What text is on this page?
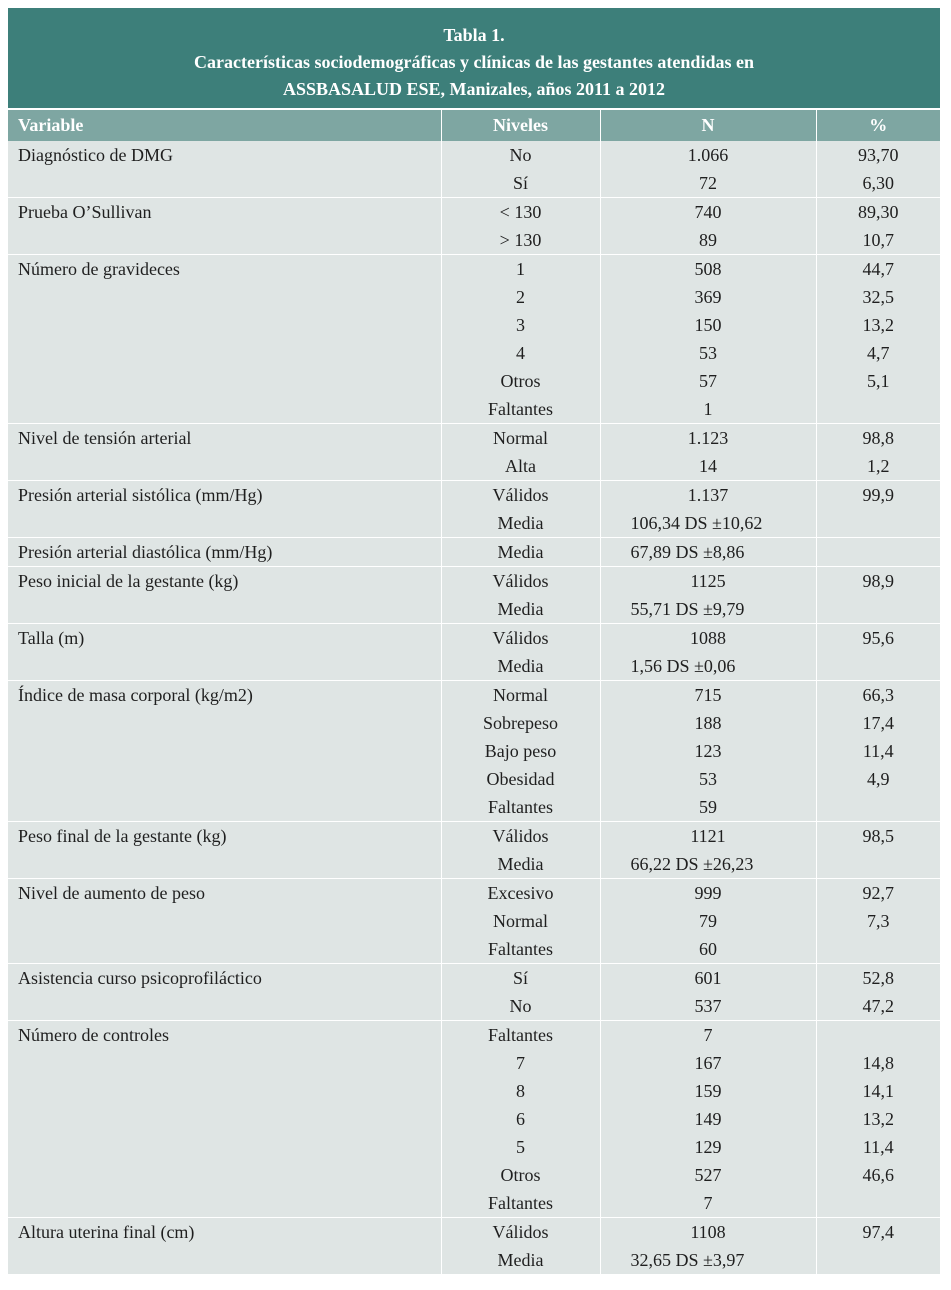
Tabla 1.
Características sociodemográficas y clínicas de las gestantes atendidas en
ASSBASALUD ESE, Manizales, años 2011 a 2012
Variable	Niveles	N	%
Diagnóstico de DMG	No	1.066	93,70
	Sí	72	6,30
Prueba O’Sullivan	< 130	740	89,30
	> 130	89	10,7
Número de gravideces	1	508	44,7
	2	369	32,5
	3	150	13,2
	4	53	4,7
	Otros	57	5,1
	Faltantes	1	
Nivel de tensión arterial	Normal	1.123	98,8
	Alta	14	1,2
Presión arterial sistólica (mm/Hg)	Válidos	1.137	99,9
	Media	106,34 DS ±10,62	
Presión arterial diastólica (mm/Hg)	Media	67,89 DS ±8,86	
Peso inicial de la gestante (kg)	Válidos	1125	98,9
	Media	55,71 DS ±9,79	
Talla (m)	Válidos	1088	95,6
	Media	1,56 DS ±0,06	
Índice de masa corporal (kg/m2)	Normal	715	66,3
	Sobrepeso	188	17,4
	Bajo peso	123	11,4
	Obesidad	53	4,9
	Faltantes	59	
Peso final de la gestante (kg)	Válidos	1121	98,5
	Media	66,22 DS ±26,23	
Nivel de aumento de peso	Excesivo	999	92,7
	Normal	79	7,3
	Faltantes	60	
Asistencia curso psicoprofiláctico	Sí	601	52,8
	No	537	47,2
Número de controles	Faltantes	7	
	7	167	14,8
	8	159	14,1
	6	149	13,2
	5	129	11,4
	Otros	527	46,6
	Faltantes	7	
Altura uterina final (cm)	Válidos	1108	97,4
	Media	32,65 DS ±3,97	
